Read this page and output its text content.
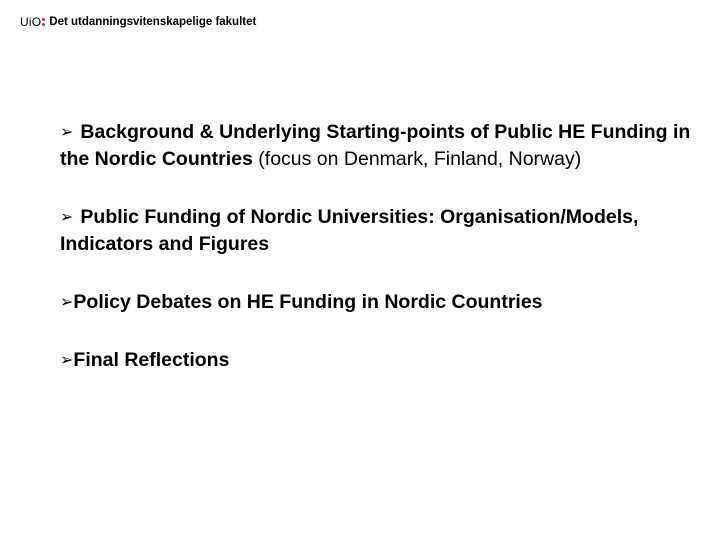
U i O Det utdanningsvitenskapelige fakultet

➢ Background & Underlying Starting-points of Public HE Funding in the Nordic Countries (focus on Denmark, Finland, Norway)

➢ Public Funding of Nordic Universities: Organisation/Models, Indicators and Figures

➢Policy Debates on HE Funding in Nordic Countries

➢Final Reflections
